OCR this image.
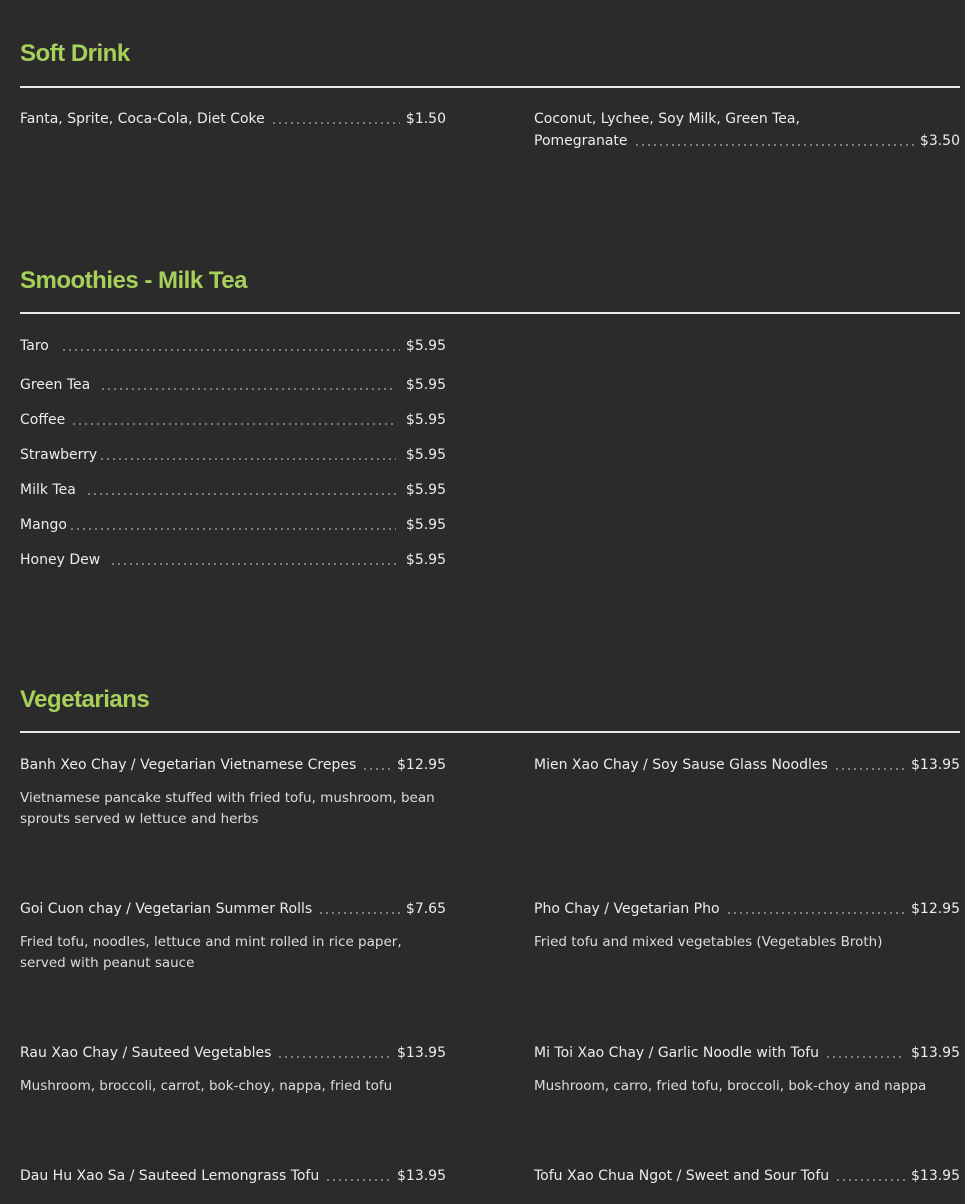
Soft Drink
Fanta, Sprite, Coca-Cola, Diet Coke	$1.50	Coconut, Lychee, Soy Milk, Green Tea,
Pomegranate	$3.50
Smoothies - Milk Tea
Taro	$5.95
Green Tea	$5.95
Coffee	$5.95
Strawberry	$5.95
Milk Tea	$5.95
Mango	$5.95
Honey Dew	$5.95
Vegetarians
Banh Xeo Chay / Vegetarian Vietnamese Crepes	$12.95
Vietnamese pancake stuffed with fried tofu, mushroom, bean sprouts served w lettuce and herbs
Mien Xao Chay / Soy Sause Glass Noodles	$13.95
Goi Cuon chay / Vegetarian Summer Rolls	$7.65
Fried tofu, noodles, lettuce and mint rolled in rice paper, served with peanut sauce
Pho Chay / Vegetarian Pho	$12.95
Fried tofu and mixed vegetables (Vegetables Broth)
Rau Xao Chay / Sauteed Vegetables	$13.95
Mushroom, broccoli, carrot, bok-choy, nappa, fried tofu
Mi Toi Xao Chay / Garlic Noodle with Tofu	$13.95
Mushroom, carro, fried tofu, broccoli, bok-choy and nappa
Dau Hu Xao Sa / Sauteed Lemongrass Tofu	$13.95	Tofu Xao Chua Ngot / Sweet and Sour Tofu	$13.95
